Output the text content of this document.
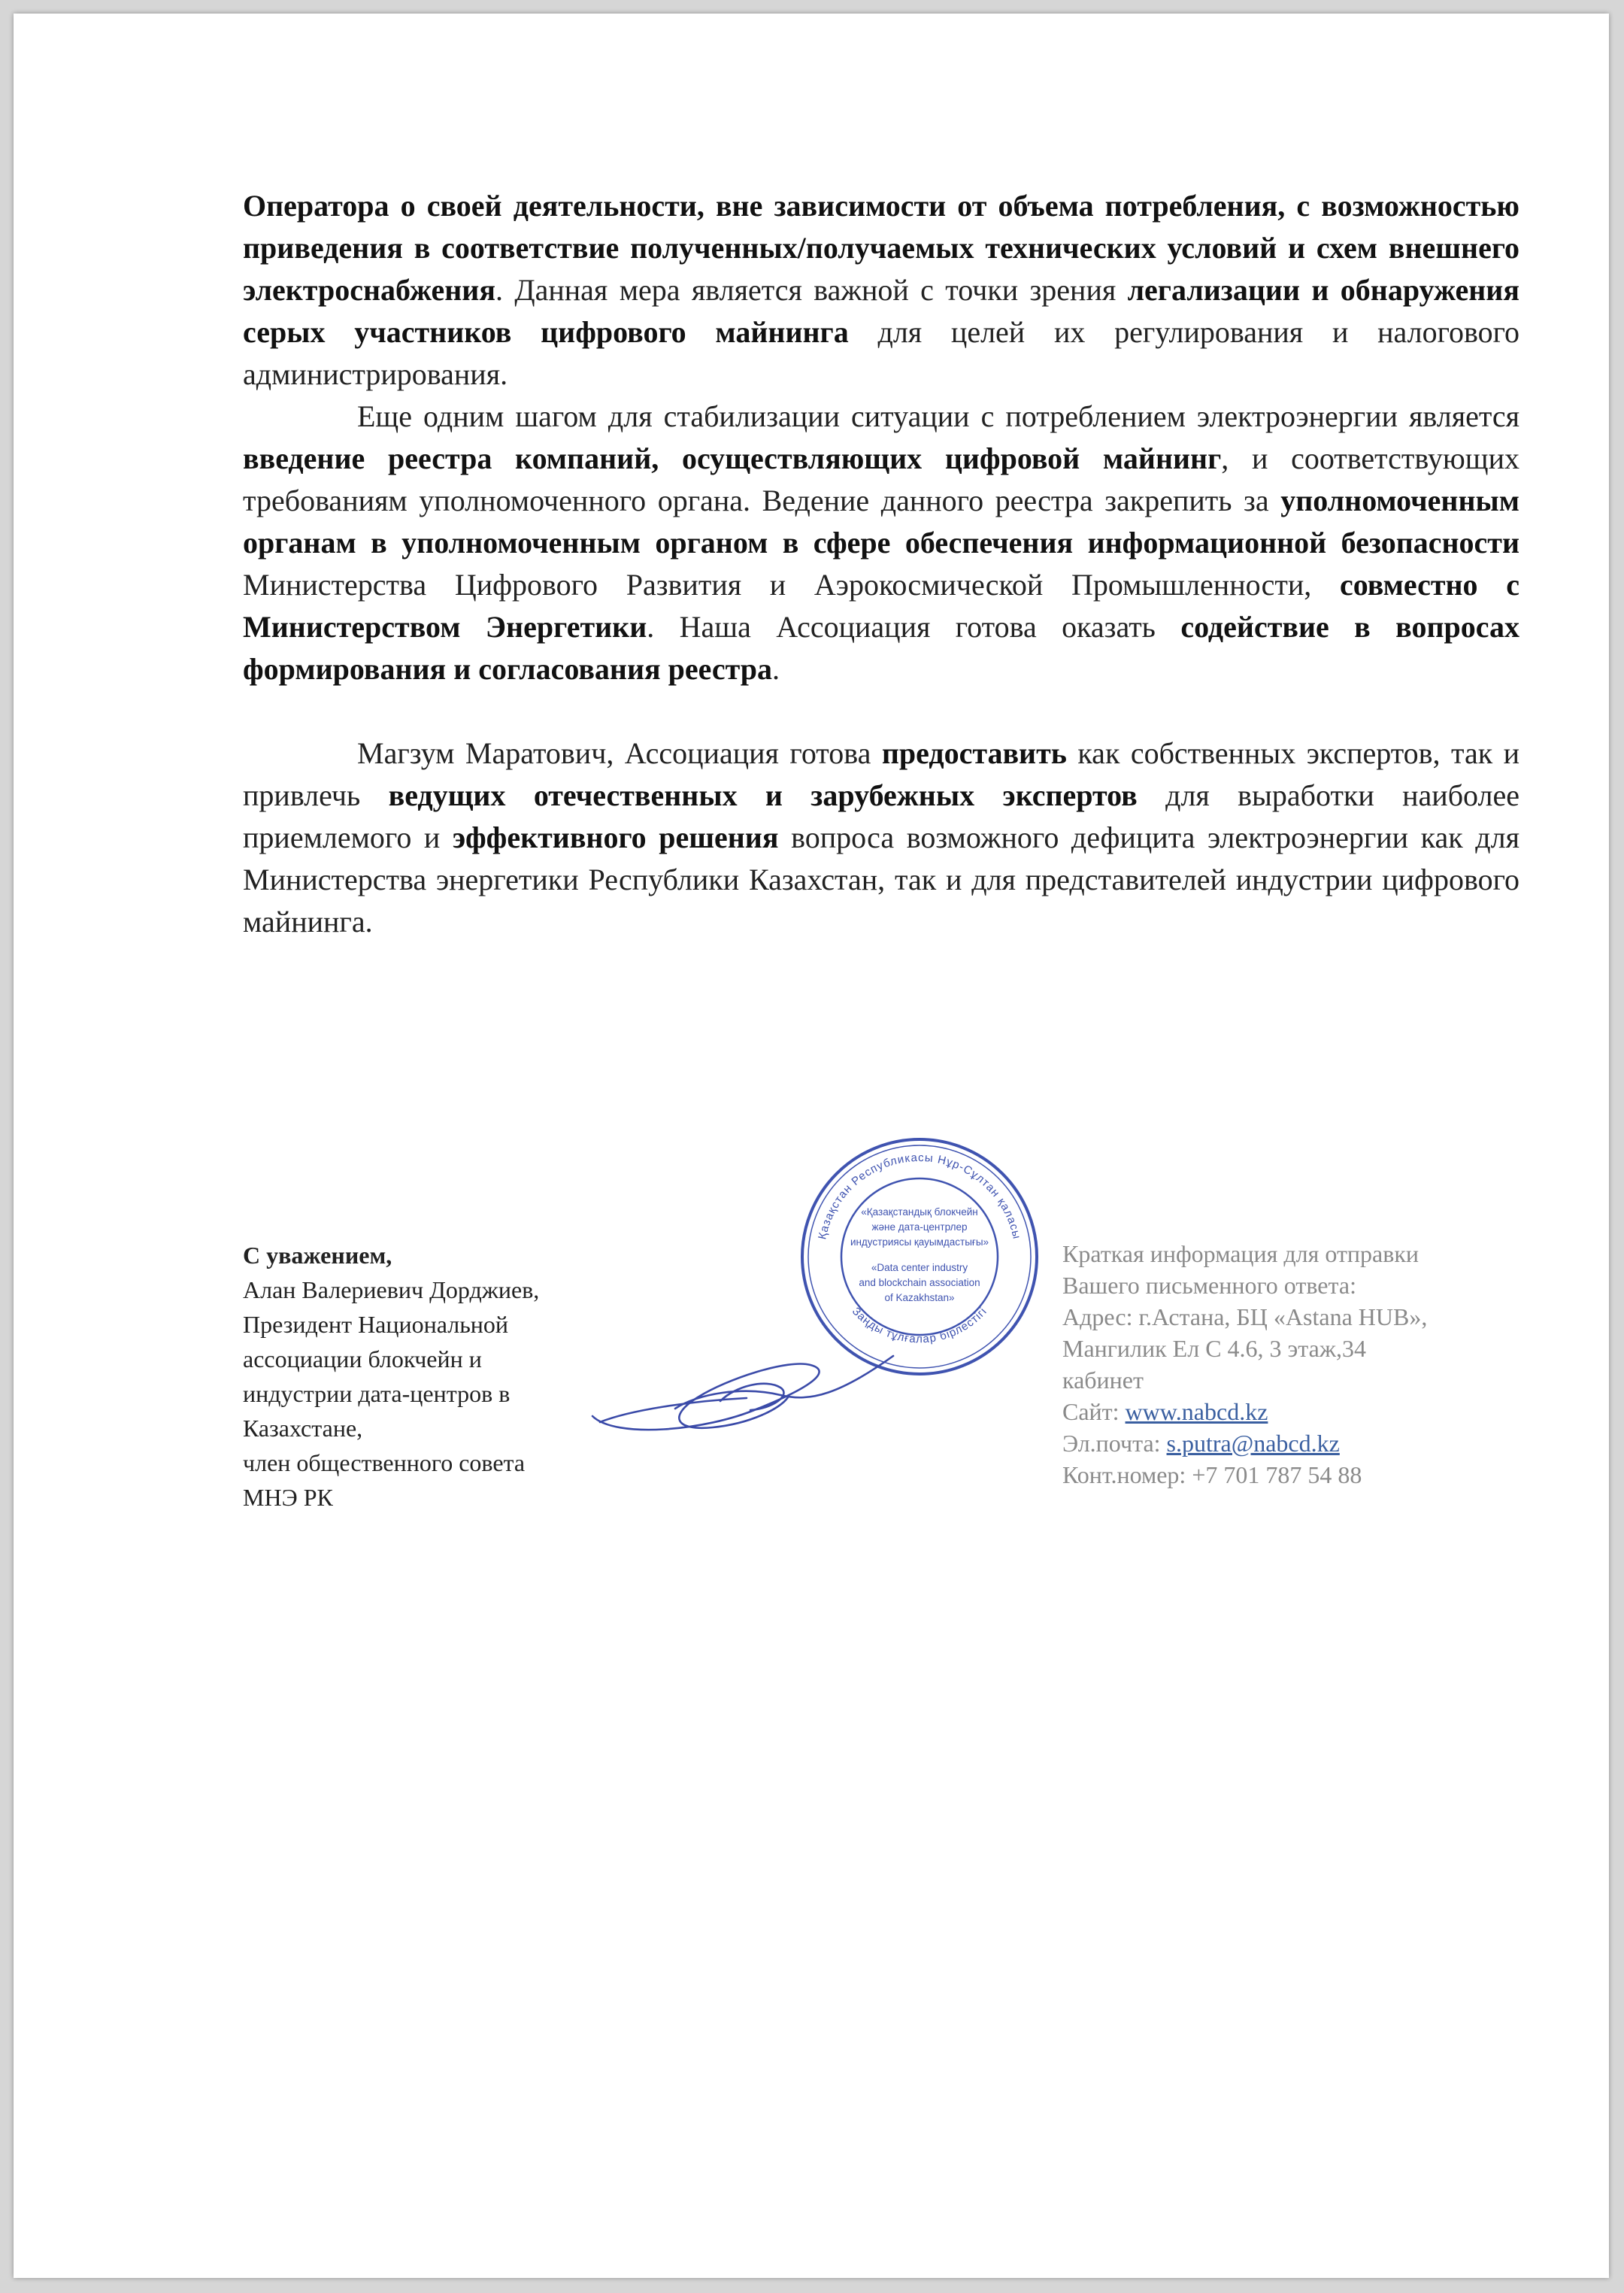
Оператора о своей деятельности, вне зависимости от объема потребления, с возможностью приведения в соответствие полученных/получаемых технических условий и схем внешнего электроснабжения. Данная мера является важной с точки зрения легализации и обнаружения серых участников цифрового майнинга для целей их регулирования и налогового администрирования.

Еще одним шагом для стабилизации ситуации с потреблением электроэнергии является введение реестра компаний, осуществляющих цифровой майнинг, и соответствующих требованиям уполномоченного органа. Ведение данного реестра закрепить за уполномоченным органам в уполномоченным органом в сфере обеспечения информационной безопасности Министерства Цифрового Развития и Аэрокосмической Промышленности, совместно с Министерством Энергетики. Наша Ассоциация готова оказать содействие в вопросах формирования и согласования реестра.

Магзум Маратович, Ассоциация готова предоставить как собственных экспертов, так и привлечь ведущих отечественных и зарубежных экспертов для выработки наиболее приемлемого и эффективного решения вопроса возможного дефицита электроэнергии как для Министерства энергетики Республики Казахстан, так и для представителей индустрии цифрового майнинга.

Қазақстан Республикасы Нұр-Сұлтан қаласы
Заңды тұлғалар бірлестігі
«Қазақстандық блокчейн
және дата-центрлер
индустриясы қауымдастығы»
«Data center industry
and blockchain association
of Kazakhstan»
С уважением,
Алан Валериевич Дорджиев,
Президент Национальной
ассоциации блокчейн и
индустрии дата-центров в
Казахстане,
член общественного совета
МНЭ РК
Краткая информация для отправки
Вашего письменного ответа:
Адрес: г.Астана, БЦ «Astana HUB»,
Мангилик Ел С 4.6, 3 этаж,34
кабинет
Сайт: www.nabcd.kz
Эл.почта: s.putra@nabcd.kz
Конт.номер: +7 701 787 54 88
